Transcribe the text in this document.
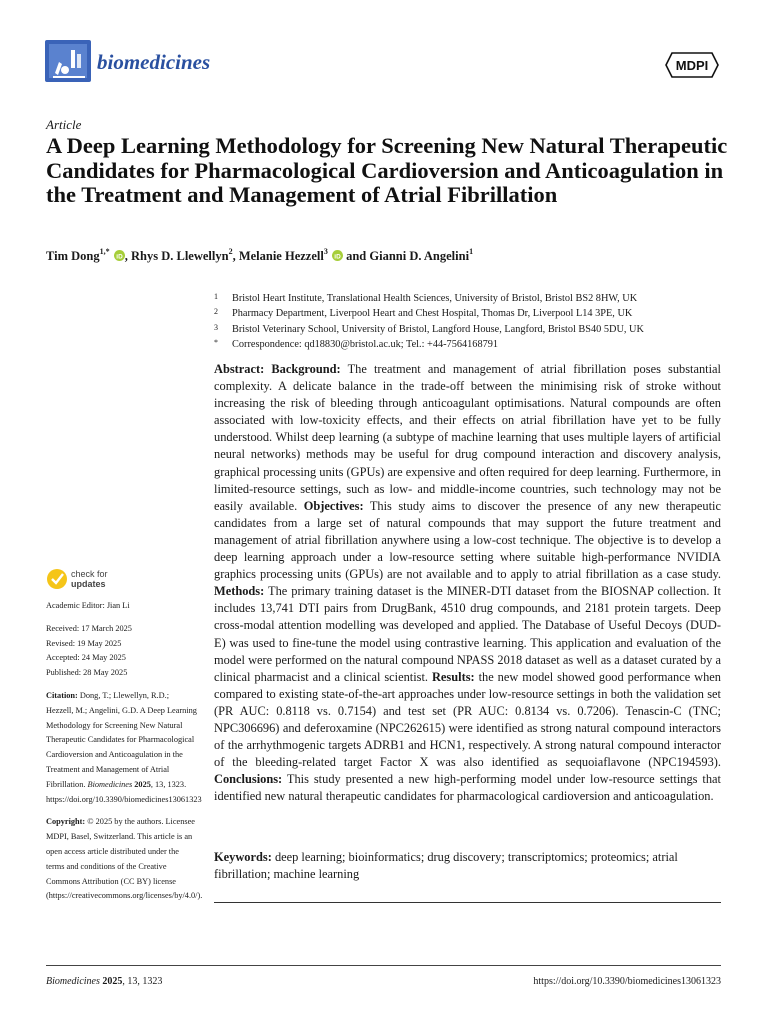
biomedicines	MDPI
Article
A Deep Learning Methodology for Screening New Natural Therapeutic Candidates for Pharmacological Cardioversion and Anticoagulation in the Treatment and Management of Atrial Fibrillation
Tim Dong$^{1,*}$
iD , Rhys D. Llewellyn$^2$, Melanie Hezzell$^3$
iD and Gianni D. Angelini$^1$
1	Bristol Heart Institute, Translational Health Sciences, University of Bristol, Bristol BS2 8HW, UK
2	Pharmacy Department, Liverpool Heart and Chest Hospital, Thomas Dr, Liverpool L14 3PE, UK
3	Bristol Veterinary School, University of Bristol, Langford House, Langford, Bristol BS40 5DU, UK
*	Correspondence: qd18830@bristol.ac.uk; Tel.: +44-7564168791
Abstract: Background: The treatment and management of atrial fibrillation poses substantial complexity. A delicate balance in the trade-off between the minimising risk of stroke without increasing the risk of bleeding through anticoagulant optimisations. Natural compounds are often associated with low-toxicity effects, and their effects on atrial fibrillation have yet to be fully understood. Whilst deep learning (a subtype of machine learning that uses multiple layers of artificial neural networks) methods may be useful for drug compound interaction and discovery analysis, graphical processing units (GPUs) are expensive and often required for deep learning. Furthermore, in limited-resource settings, such as low- and middle-income countries, such technology may not be easily available. Objectives: This study aims to discover the presence of any new therapeutic candidates from a large set of natural compounds that may support the future treatment and management of atrial fibrillation anywhere using a low-cost technique. The objective is to develop a deep learning approach under a low-resource setting where suitable high-performance NVIDIA graphics processing units (GPUs) are not available and to apply to atrial fibrillation as a case study. Methods: The primary training dataset is the MINER-DTI dataset from the BIOSNAP collection. It includes 13,741 DTI pairs from DrugBank, 4510 drug compounds, and 2181 protein targets. Deep cross-modal attention modelling was developed and applied. The Database of Useful Decoys (DUD-E) was used to fine-tune the model using contrastive learning. This application and evaluation of the model were performed on the natural compound NPASS 2018 dataset as well as a dataset curated by a clinical pharmacist and a clinical scientist. Results: the new model showed good performance when compared to existing state-of-the-art approaches under low-resource settings in both the validation set (PR AUC: 0.8118 vs. 0.7154) and test set (PR AUC: 0.8134 vs. 0.7206). Tenascin-C (TNC; NPC306696) and deferoxamine (NPC262615) were identified as strong natural compound interactors of the arrhythmogenic targets ADRB1 and HCN1, respectively. A strong natural compound interactor of the bleeding-related target Factor X was also identified as sequoiaflavone (NPC194593). Conclusions: This study presented a new high-performing model under low-resource settings that identified new natural therapeutic candidates for pharmacological cardioversion and anticoagulation.
Keywords: deep learning; bioinformatics; drug discovery; transcriptomics; proteomics; atrial fibrillation; machine learning
check for
updates
Academic Editor: Jian Li
Received: 17 March 2025
Revised: 19 May 2025
Accepted: 24 May 2025
Published: 28 May 2025
Citation: Dong, T.; Llewellyn, R.D.; Hezzell, M.; Angelini, G.D. A Deep Learning Methodology for Screening New Natural Therapeutic Candidates for Pharmacological Cardioversion and Anticoagulation in the Treatment and Management of Atrial Fibrillation. Biomedicines 2025, 13, 1323. https://doi.org/10.3390/biomedicines13061323
Copyright: © 2025 by the authors. Licensee MDPI, Basel, Switzerland. This article is an open access article distributed under the terms and conditions of the Creative Commons Attribution (CC BY) license (https://creativecommons.org/licenses/by/4.0/).
Biomedicines 2025, 13, 1323	https://doi.org/10.3390/biomedicines13061323
